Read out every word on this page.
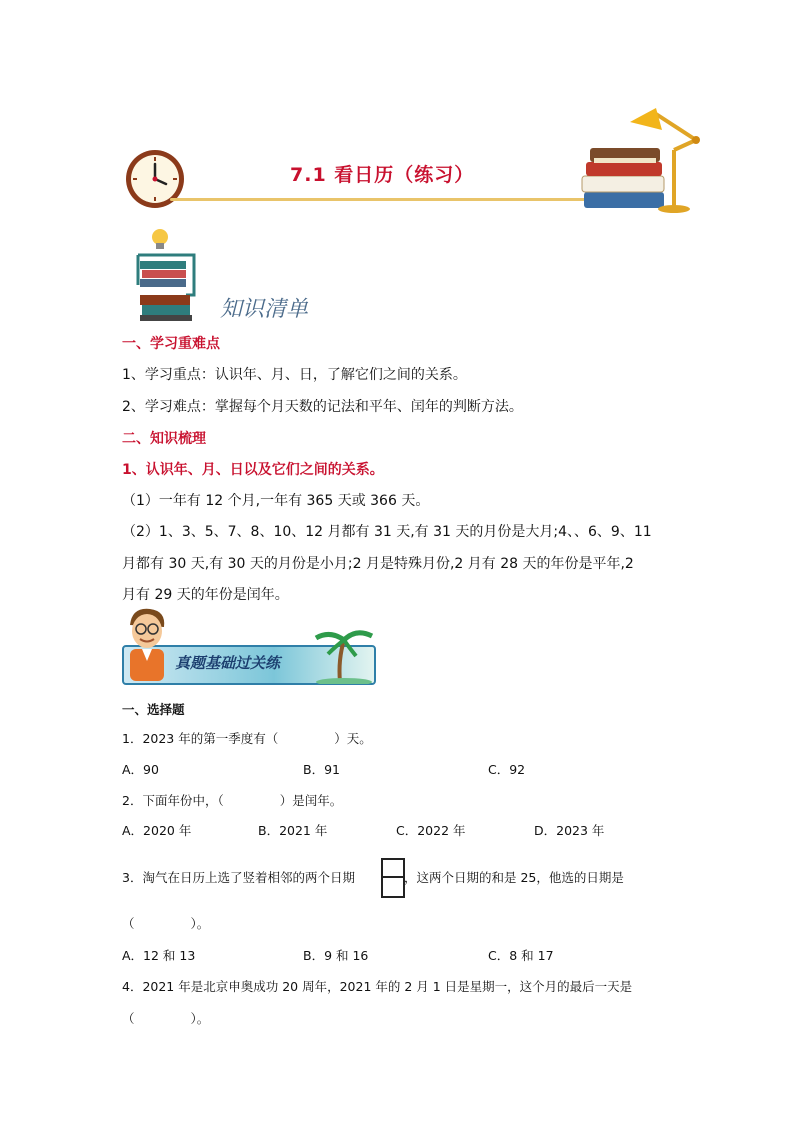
7.1 看日历（练习）
知识清单
一、学习重难点
1、学习重点：认识年、月、日，了解它们之间的关系。
2、学习难点：掌握每个月天数的记法和平年、闰年的判断方法。
二、知识梳理
1、认识年、月、日以及它们之间的关系。
（1）一年有 12 个月,一年有 365 天或 366 天。
（2）1、3、5、7、8、10、12 月都有 31 天,有 31 天的月份是大月;4、、6、9、11
月都有 30 天,有 30 天的月份是小月;2 月是特殊月份,2 月有 28 天的年份是平年,2
月有 29 天的年份是闰年。
真题基础过关练
一、选择题
1．2023 年的第一季度有（	）天。
A．90	B．91	C．92
2．下面年份中，（	）是闰年。
A．2020 年	B．2021 年	C．2022 年	D．2023 年
3．淘气在日历上选了竖着相邻的两个日期	，这两个日期的和是 25，他选的日期是
（	）。
A．12 和 13	B．9 和 16	C．8 和 17
4．2021 年是北京申奥成功 20 周年，2021 年的 2 月 1 日是星期一，这个月的最后一天是
（	）。
